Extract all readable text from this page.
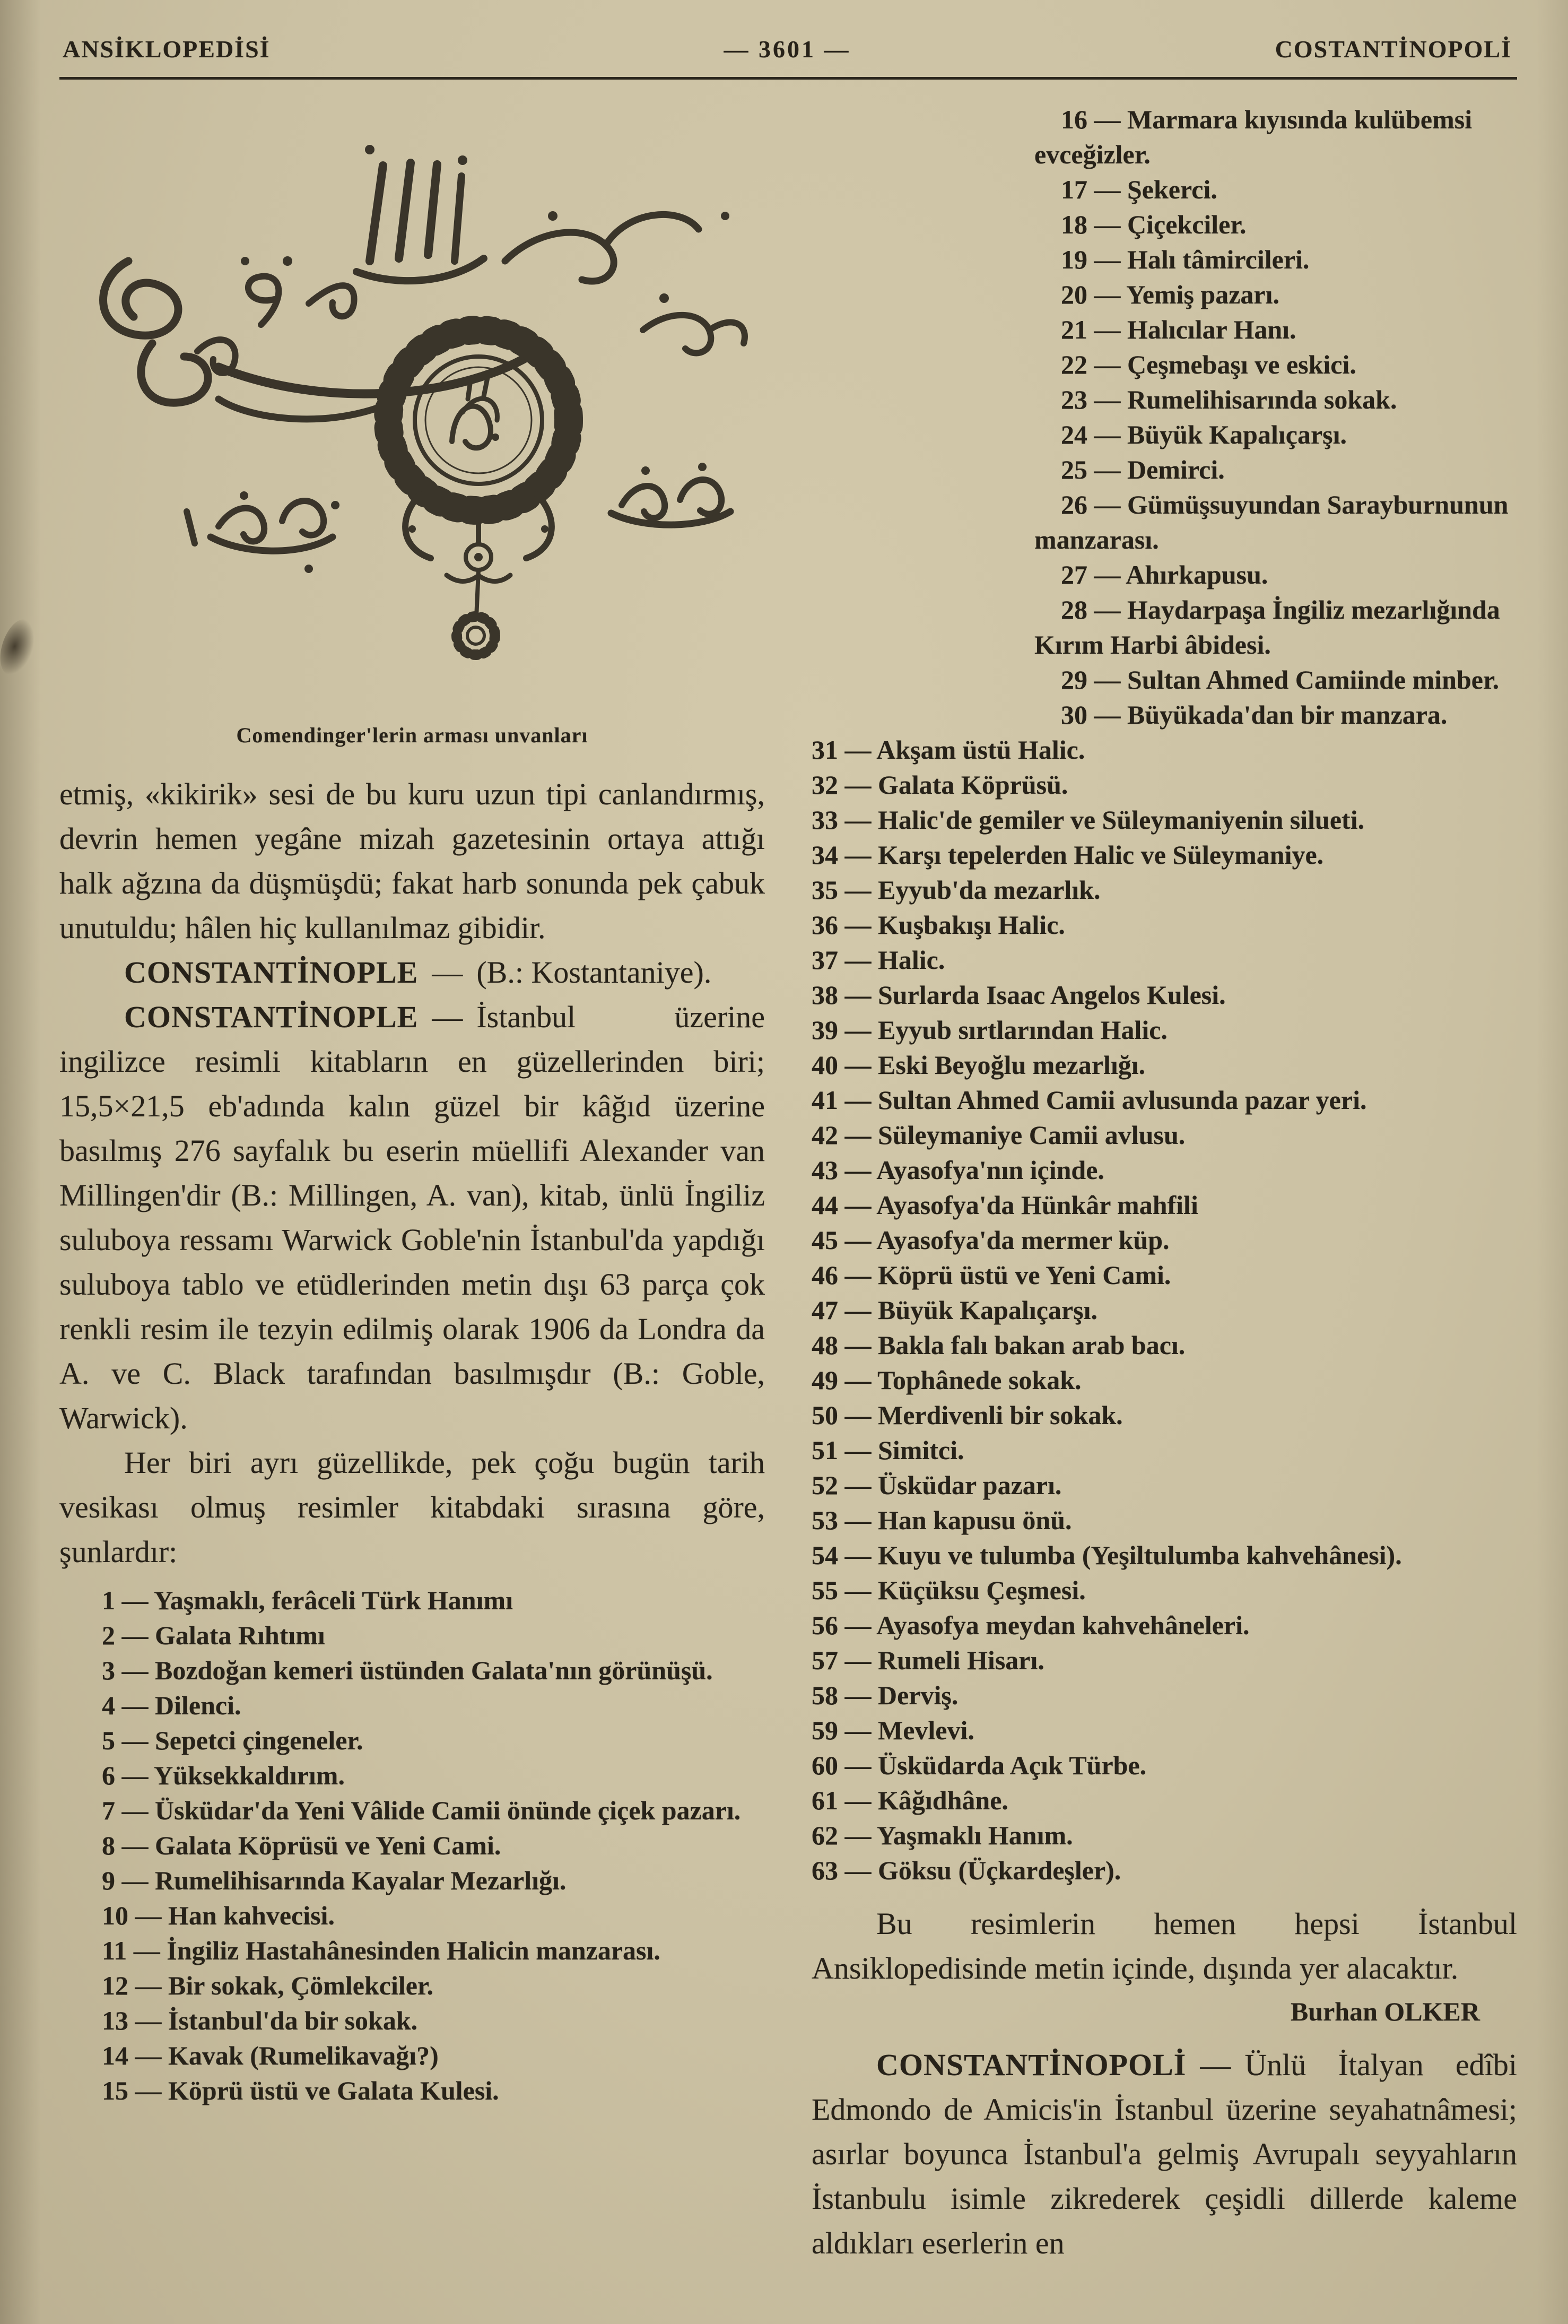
ANSİKLOPEDİSİ	— 3601 —	COSTANTİNOPOLİ
Comendinger'lerin arması unvanları

etmiş, «kikirik» sesi de bu kuru uzun tipi canlandırmış, devrin hemen yegâne mizah gazetesinin ortaya attığı halk ağzına da düşmüşdü; fakat harb sonunda pek çabuk unutuldu; hâlen hiç kullanılmaz gibidir.

CONSTANTİNOPLE — (B.: Kostantaniye).

CONSTANTİNOPLE — İstanbul üzerine ingilizce resimli kitabların en güzellerinden biri; 15,5×21,5 eb'adında kalın güzel bir kâğıd üzerine basılmış 276 sayfalık bu eserin müellifi Alexander van Millingen'dir (B.: Millingen, A. van), kitab, ünlü İngiliz suluboya ressamı Warwick Goble'nin İstanbul'da yapdığı suluboya tablo ve etüdlerinden metin dışı 63 parça çok renkli resim ile tezyin edilmiş olarak 1906 da Londra da A. ve C. Black tarafından basılmışdır (B.: Goble, Warwick).

Her biri ayrı güzellikde, pek çoğu bugün tarih vesikası olmuş resimler kitabdaki sırasına göre, şunlardır:

1 — Yaşmaklı, ferâceli Türk Hanımı
2 — Galata Rıhtımı
3 — Bozdoğan kemeri üstünden Galata'nın görünüşü.
4 — Dilenci.
5 — Sepetci çingeneler.
6 — Yüksekkaldırım.
7 — Üsküdar'da Yeni Vâlide Camii önünde çiçek pazarı.
8 — Galata Köprüsü ve Yeni Cami.
9 — Rumelihisarında Kayalar Mezarlığı.
10 — Han kahvecisi.
11 — İngiliz Hastahânesinden Halicin manzarası.
12 — Bir sokak, Çömlekciler.
13 — İstanbul'da bir sokak.
14 — Kavak (Rumelikavağı?)
15 — Köprü üstü ve Galata Kulesi.
16 — Marmara kıyısında kulübemsi evceğizler.
17 — Şekerci.
18 — Çiçekciler.
19 — Halı tâmircileri.
20 — Yemiş pazarı.
21 — Halıcılar Hanı.
22 — Çeşmebaşı ve eskici.
23 — Rumelihisarında sokak.
24 — Büyük Kapalıçarşı.
25 — Demirci.
26 — Gümüşsuyundan Sarayburnunun manzarası.
27 — Ahırkapusu.
28 — Haydarpaşa İngiliz mezarlığında Kırım Harbi âbidesi.
29 — Sultan Ahmed Camiinde minber.
30 — Büyükada'dan bir manzara.
31 — Akşam üstü Halic.
32 — Galata Köprüsü.
33 — Halic'de gemiler ve Süleymaniyenin silueti.
34 — Karşı tepelerden Halic ve Süleymaniye.
35 — Eyyub'da mezarlık.
36 — Kuşbakışı Halic.
37 — Halic.
38 — Surlarda Isaac Angelos Kulesi.
39 — Eyyub sırtlarından Halic.
40 — Eski Beyoğlu mezarlığı.
41 — Sultan Ahmed Camii avlusunda pazar yeri.
42 — Süleymaniye Camii avlusu.
43 — Ayasofya'nın içinde.
44 — Ayasofya'da Hünkâr mahfili
45 — Ayasofya'da mermer küp.
46 — Köprü üstü ve Yeni Cami.
47 — Büyük Kapalıçarşı.
48 — Bakla falı bakan arab bacı.
49 — Tophânede sokak.
50 — Merdivenli bir sokak.
51 — Simitci.
52 — Üsküdar pazarı.
53 — Han kapusu önü.
54 — Kuyu ve tulumba (Yeşiltulumba kahvehânesi).
55 — Küçüksu Çeşmesi.
56 — Ayasofya meydan kahvehâneleri.
57 — Rumeli Hisarı.
58 — Derviş.
59 — Mevlevi.
60 — Üsküdarda Açık Türbe.
61 — Kâğıdhâne.
62 — Yaşmaklı Hanım.
63 — Göksu (Üçkardeşler).

Bu resimlerin hemen hepsi İstanbul Ansiklopedisinde metin içinde, dışında yer alacaktır.

Burhan OLKER

CONSTANTİNOPOLİ — Ünlü İtalyan edîbi Edmondo de Amicis'in İstanbul üzerine seyahatnâmesi; asırlar boyunca İstanbul'a gelmiş Avrupalı seyyahların İstanbulu isimle zikrederek çeşidli dillerde kaleme aldıkları eserlerin en
